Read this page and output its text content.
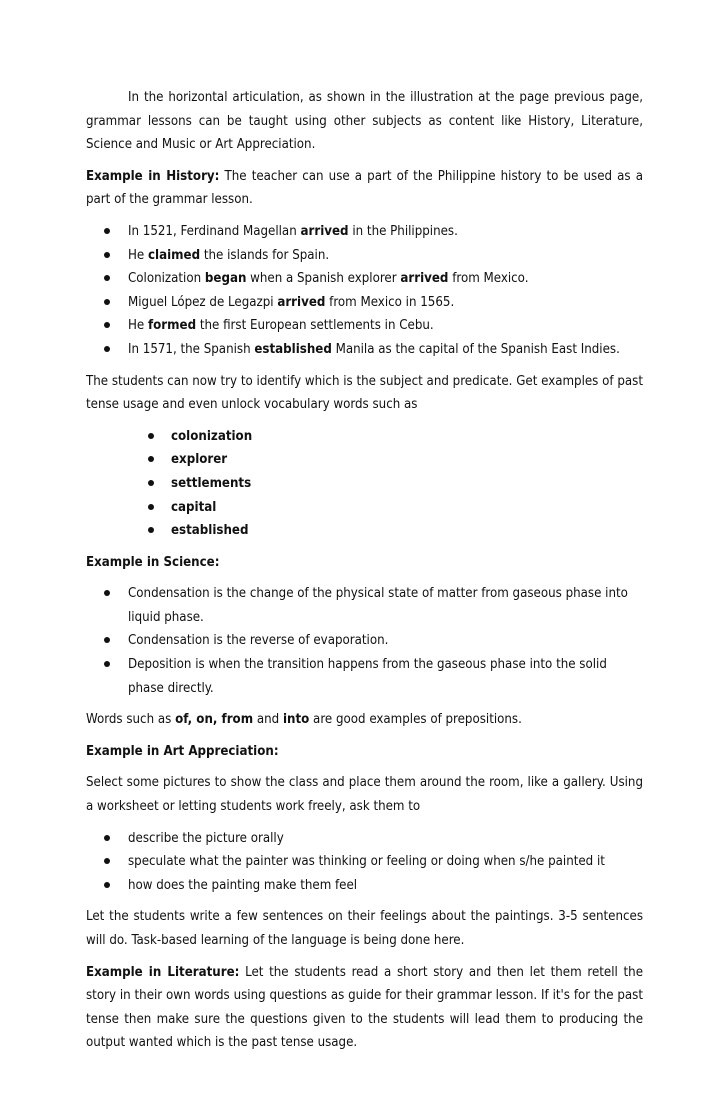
In the horizontal articulation, as shown in the illustration at the page previous page, grammar lessons can be taught using other subjects as content like History, Literature, Science and Music or Art Appreciation.

Example in History: The teacher can use a part of the Philippine history to be used as a part of the grammar lesson.

In 1521, Ferdinand Magellan arrived in the Philippines.
He claimed the islands for Spain.
Colonization began when a Spanish explorer arrived from Mexico.
Miguel López de Legazpi arrived from Mexico in 1565.
He formed the first European settlements in Cebu.
In 1571, the Spanish established Manila as the capital of the Spanish East Indies.

The students can now try to identify which is the subject and predicate. Get examples of past tense usage and even unlock vocabulary words such as

colonization
explorer
settlements
capital
established

Example in Science:

Condensation is the change of the physical state of matter from gaseous phase into liquid phase.
Condensation is the reverse of evaporation.
Deposition is when the transition happens from the gaseous phase into the solid phase directly.

Words such as of, on, from and into are good examples of prepositions.

Example in Art Appreciation:

Select some pictures to show the class and place them around the room, like a gallery. Using a worksheet or letting students work freely, ask them to

describe the picture orally
speculate what the painter was thinking or feeling or doing when s/he painted it
how does the painting make them feel

Let the students write a few sentences on their feelings about the paintings. 3-5 sentences will do. Task-based learning of the language is being done here.

Example in Literature: Let the students read a short story and then let them retell the story in their own words using questions as guide for their grammar lesson. If it's for the past tense then make sure the questions given to the students will lead them to producing the output wanted which is the past tense usage.
